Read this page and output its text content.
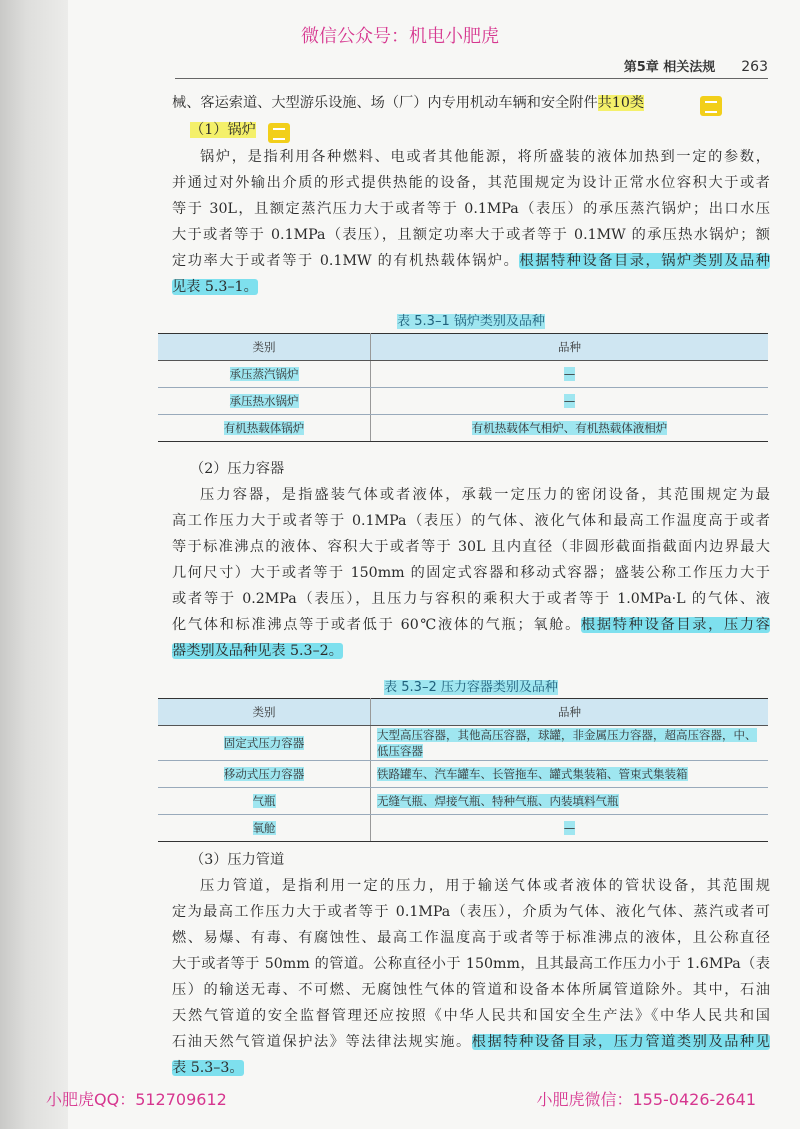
微信公众号：机电小肥虎
第5章 相关法规 263
械、客运索道、大型游乐设施、场（厂）内专用机动车辆和安全附件共10类
（1）锅炉
锅炉，是指利用各种燃料、电或者其他能源，将所盛装的液体加热到一定的参数，
并通过对外输出介质的形式提供热能的设备，其范围规定为设计正常水位容积大于或者
等于 30L，且额定蒸汽压力大于或者等于 0.1MPa（表压）的承压蒸汽锅炉；出口水压
大于或者等于 0.1MPa（表压），且额定功率大于或者等于 0.1MW 的承压热水锅炉；额
定功率大于或者等于 0.1MW 的有机热载体锅炉。根据特种设备目录，锅炉类别及品种
见表 5.3–1。
表 5.3–1 锅炉类别及品种
类别	品种
承压蒸汽锅炉	—
承压热水锅炉	—
有机热载体锅炉	有机热载体气相炉、有机热载体液相炉
（2）压力容器
压力容器，是指盛装气体或者液体，承载一定压力的密闭设备，其范围规定为最
高工作压力大于或者等于 0.1MPa（表压）的气体、液化气体和最高工作温度高于或者
等于标准沸点的液体、容积大于或者等于 30L 且内直径（非圆形截面指截面内边界最大
几何尺寸）大于或者等于 150mm 的固定式容器和移动式容器；盛装公称工作压力大于
或者等于 0.2MPa（表压），且压力与容积的乘积大于或者等于 1.0MPa·L 的气体、液
化气体和标准沸点等于或者低于 60℃液体的气瓶；氧舱。根据特种设备目录，压力容
器类别及品种见表 5.3–2。
表 5.3–2 压力容器类别及品种
类别	品种
固定式压力容器	大型高压容器，其他高压容器，球罐，非金属压力容器，超高压容器，中、低压容器
移动式压力容器	铁路罐车、汽车罐车、长管拖车、罐式集装箱、管束式集装箱
气瓶	无缝气瓶、焊接气瓶、特种气瓶、内装填料气瓶
氧舱	—
（3）压力管道
压力管道，是指利用一定的压力，用于输送气体或者液体的管状设备，其范围规
定为最高工作压力大于或者等于 0.1MPa（表压），介质为气体、液化气体、蒸汽或者可
燃、易爆、有毒、有腐蚀性、最高工作温度高于或者等于标准沸点的液体，且公称直径
大于或者等于 50mm 的管道。公称直径小于 150mm，且其最高工作压力小于 1.6MPa（表
压）的输送无毒、不可燃、无腐蚀性气体的管道和设备本体所属管道除外。其中，石油
天然气管道的安全监督管理还应按照《中华人民共和国安全生产法》《中华人民共和国
石油天然气管道保护法》等法律法规实施。根据特种设备目录，压力管道类别及品种见
表 5.3–3。
小肥虎QQ：512709612	小肥虎微信：155-0426-2641
